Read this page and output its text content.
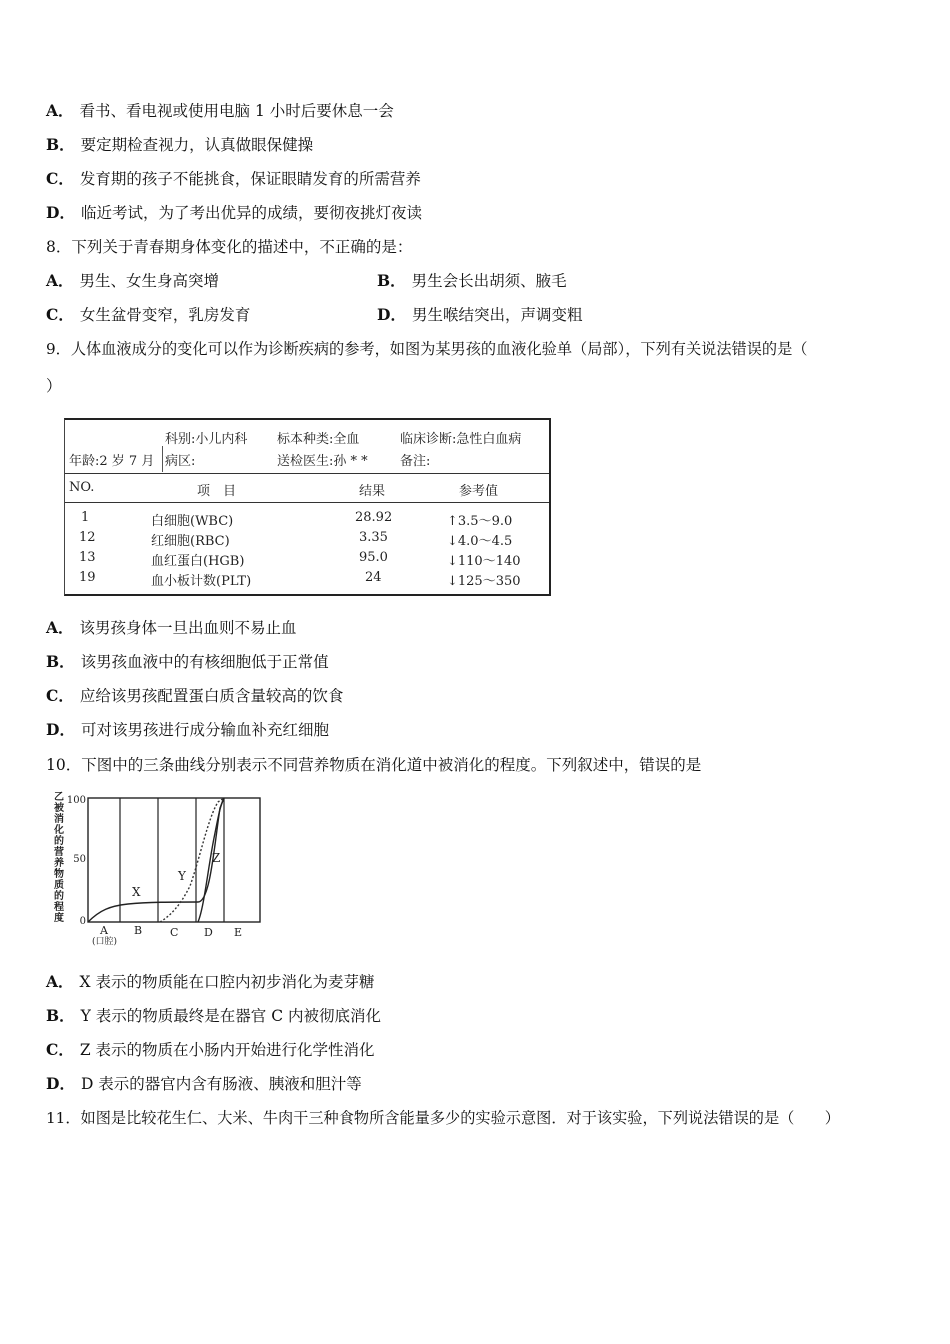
A． 看书、看电视或使用电脑 1 小时后要休息一会
B． 要定期检查视力，认真做眼保健操
C． 发育期的孩子不能挑食，保证眼睛发育的所需营养
D． 临近考试，为了考出优异的成绩，要彻夜挑灯夜读
8．下列关于青春期身体变化的描述中，不正确的是：
A． 男生、女生身高突增	B． 男生会长出胡须、腋毛
C． 女生盆骨变窄，乳房发育	D． 男生喉结突出，声调变粗
9．人体血液成分的变化可以作为诊断疾病的参考，如图为某男孩的血液化验单（局部），下列有关说法错误的是（
）
科别:小儿内科 标本种类:全血	临床诊断:急性白血病
年龄:2 岁 7 月 病区:	送检医生:孙 * * 备注:
NO.	项　目	结果	参考值
1	白细胞(WBC)	28.92	↑3.5～9.0
12	红细胞(RBC)	3.35	↓4.0～4.5
13	血红蛋白(HGB)	95.0	↓110～140
19	血小板计数(PLT)	24	↓125～350
A． 该男孩身体一旦出血则不易止血
B． 该男孩血液中的有核细胞低于正常值
C． 应给该男孩配置蛋白质含量较高的饮食
D． 可对该男孩进行成分输血补充红细胞
10．下图中的三条曲线分别表示不同营养物质在消化道中被消化的程度。下列叙述中，错误的是
乙
被
消
化
的
营
养
物
质
的
程
度
100
50
0
X
Y
Z
A B	C D E
(口腔)
A． X 表示的物质能在口腔内初步消化为麦芽糖
B． Y 表示的物质最终是在器官 C 内被彻底消化
C． Z 表示的物质在小肠内开始进行化学性消化
D． D 表示的器官内含有肠液、胰液和胆汁等
11．如图是比较花生仁、大米、牛肉干三种食物所含能量多少的实验示意图．对于该实验，下列说法错误的是（　　）
